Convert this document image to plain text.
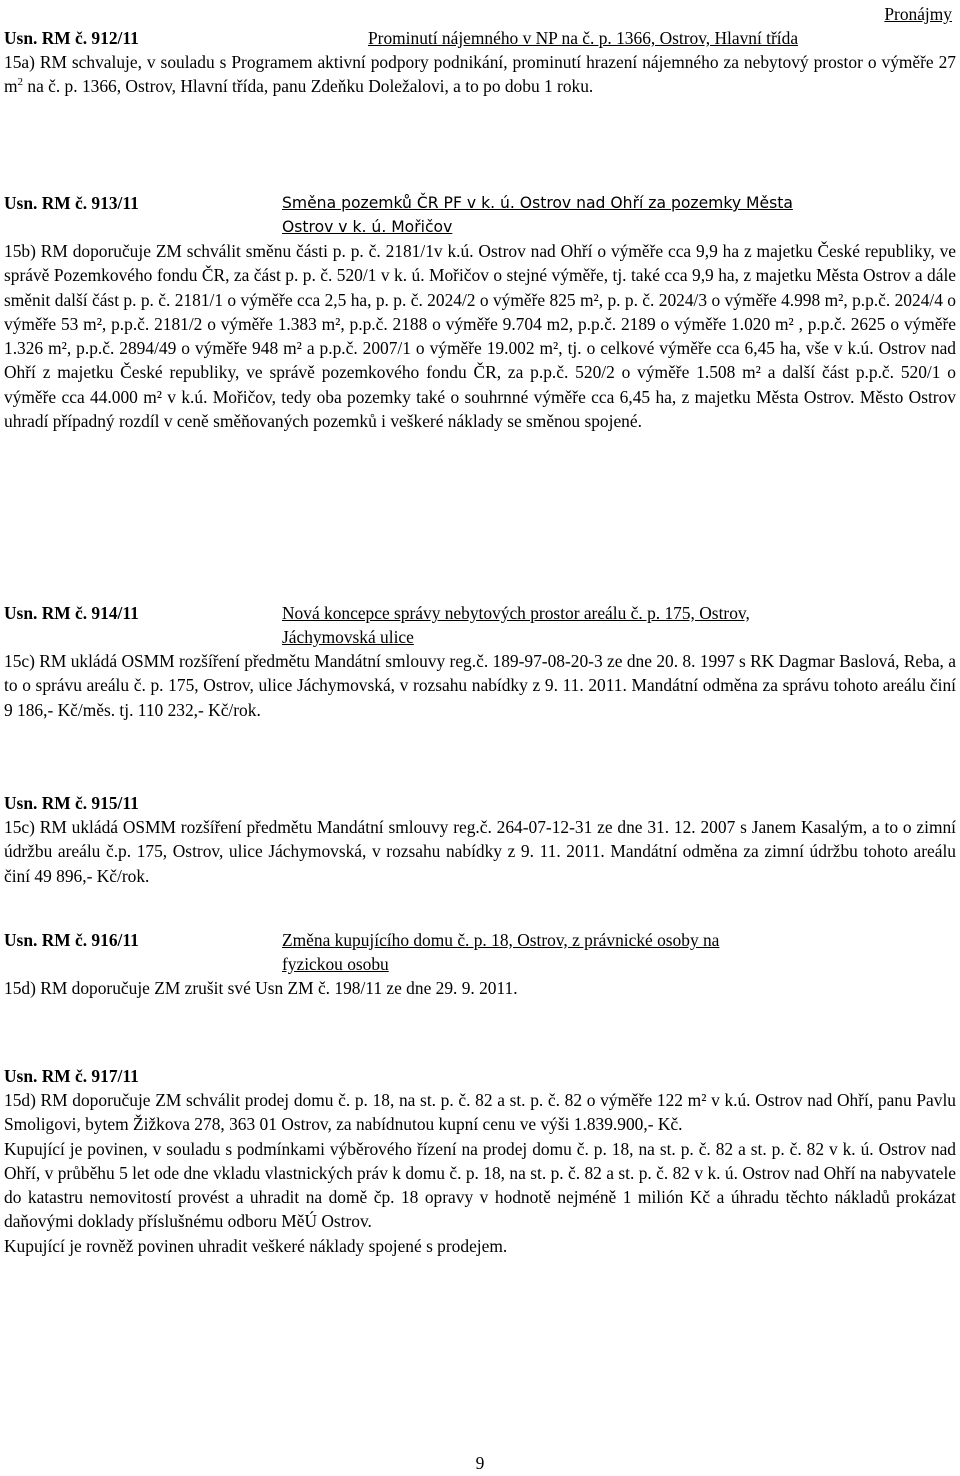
Pronájmy
Usn. RM č. 912/11	Prominutí nájemného v NP na č. p. 1366, Ostrov, Hlavní třída

15a) RM schvaluje, v souladu s Programem aktivní podpory podnikání, prominutí hrazení nájemného za nebytový prostor o výměře 27 $m^2$ na č. p. 1366, Ostrov, Hlavní třída, panu Zdeňku Doležalovi, a to po dobu 1 roku.

Usn. RM č. 913/11	Směna pozemků ČR PF v k. ú. Ostrov nad Ohří za pozemky Města
Ostrov v k. ú. Mořičov

15b) RM doporučuje ZM schválit směnu části p. p. č. 2181/1v k.ú. Ostrov nad Ohří o výměře cca 9,9 ha z majetku České republiky, ve správě Pozemkového fondu ČR, za část p. p. č. 520/1 v k. ú. Mořičov o stejné výměře, tj. také cca 9,9 ha, z majetku Města Ostrov a dále směnit další část p. p. č. 2181/1 o výměře cca 2,5 ha, p. p. č. 2024/2 o výměře 825 m², p. p. č. 2024/3 o výměře 4.998 m², p.p.č. 2024/4 o výměře 53 m², p.p.č. 2181/2 o výměře 1.383 m², p.p.č. 2188 o výměře 9.704 m2, p.p.č. 2189 o výměře 1.020 m² , p.p.č. 2625 o výměře 1.326 m², p.p.č. 2894/49 o výměře 948 m² a p.p.č. 2007/1 o výměře 19.002 m², tj. o celkové výměře cca 6,45 ha, vše v k.ú. Ostrov nad Ohří z majetku České republiky, ve správě pozemkového fondu ČR, za p.p.č. 520/2 o výměře 1.508 m² a další část p.p.č. 520/1 o výměře cca 44.000 m² v k.ú. Mořičov, tedy oba pozemky také o souhrnné výměře cca 6,45 ha, z majetku Města Ostrov. Město Ostrov uhradí případný rozdíl v ceně směňovaných pozemků i veškeré náklady se směnou spojené.

Usn. RM č. 914/11	Nová koncepce správy nebytových prostor areálu č. p. 175, Ostrov,
Jáchymovská ulice

15c) RM ukládá OSMM rozšíření předmětu Mandátní smlouvy reg.č. 189-97-08-20-3 ze dne 20. 8. 1997 s RK Dagmar Baslová, Reba, a to o správu areálu č. p. 175, Ostrov, ulice Jáchymovská, v rozsahu nabídky z 9. 11. 2011. Mandátní odměna za správu tohoto areálu činí 9 186,- Kč/měs. tj. 110 232,- Kč/rok.

Usn. RM č. 915/11

15c) RM ukládá OSMM rozšíření předmětu Mandátní smlouvy reg.č. 264-07-12-31 ze dne 31. 12. 2007 s Janem Kasalým, a to o zimní údržbu areálu č.p. 175, Ostrov, ulice Jáchymovská, v rozsahu nabídky z 9. 11. 2011. Mandátní odměna za zimní údržbu tohoto areálu činí 49 896,- Kč/rok.

Usn. RM č. 916/11	Změna kupujícího domu č. p. 18, Ostrov, z právnické osoby na
fyzickou osobu

15d) RM doporučuje ZM zrušit své Usn ZM č. 198/11 ze dne 29. 9. 2011.

Usn. RM č. 917/11

15d) RM doporučuje ZM schválit prodej domu č. p. 18, na st. p. č. 82 a st. p. č. 82 o výměře 122 m² v k.ú. Ostrov nad Ohří, panu Pavlu Smoligovi, bytem Žižkova 278, 363 01 Ostrov, za nabídnutou kupní cenu ve výši 1.839.900,- Kč.

Kupující je povinen, v souladu s podmínkami výběrového řízení na prodej domu č. p. 18, na st. p. č. 82 a st. p. č. 82 v k. ú. Ostrov nad Ohří, v průběhu 5 let ode dne vkladu vlastnických práv k domu č. p. 18, na st. p. č. 82 a st. p. č. 82 v k. ú. Ostrov nad Ohří na nabyvatele do katastru nemovitostí provést a uhradit na domě čp. 18 opravy v hodnotě nejméně 1 milión Kč a úhradu těchto nákladů prokázat daňovými doklady příslušnému odboru MěÚ Ostrov.

Kupující je rovněž povinen uhradit veškeré náklady spojené s prodejem.

9
